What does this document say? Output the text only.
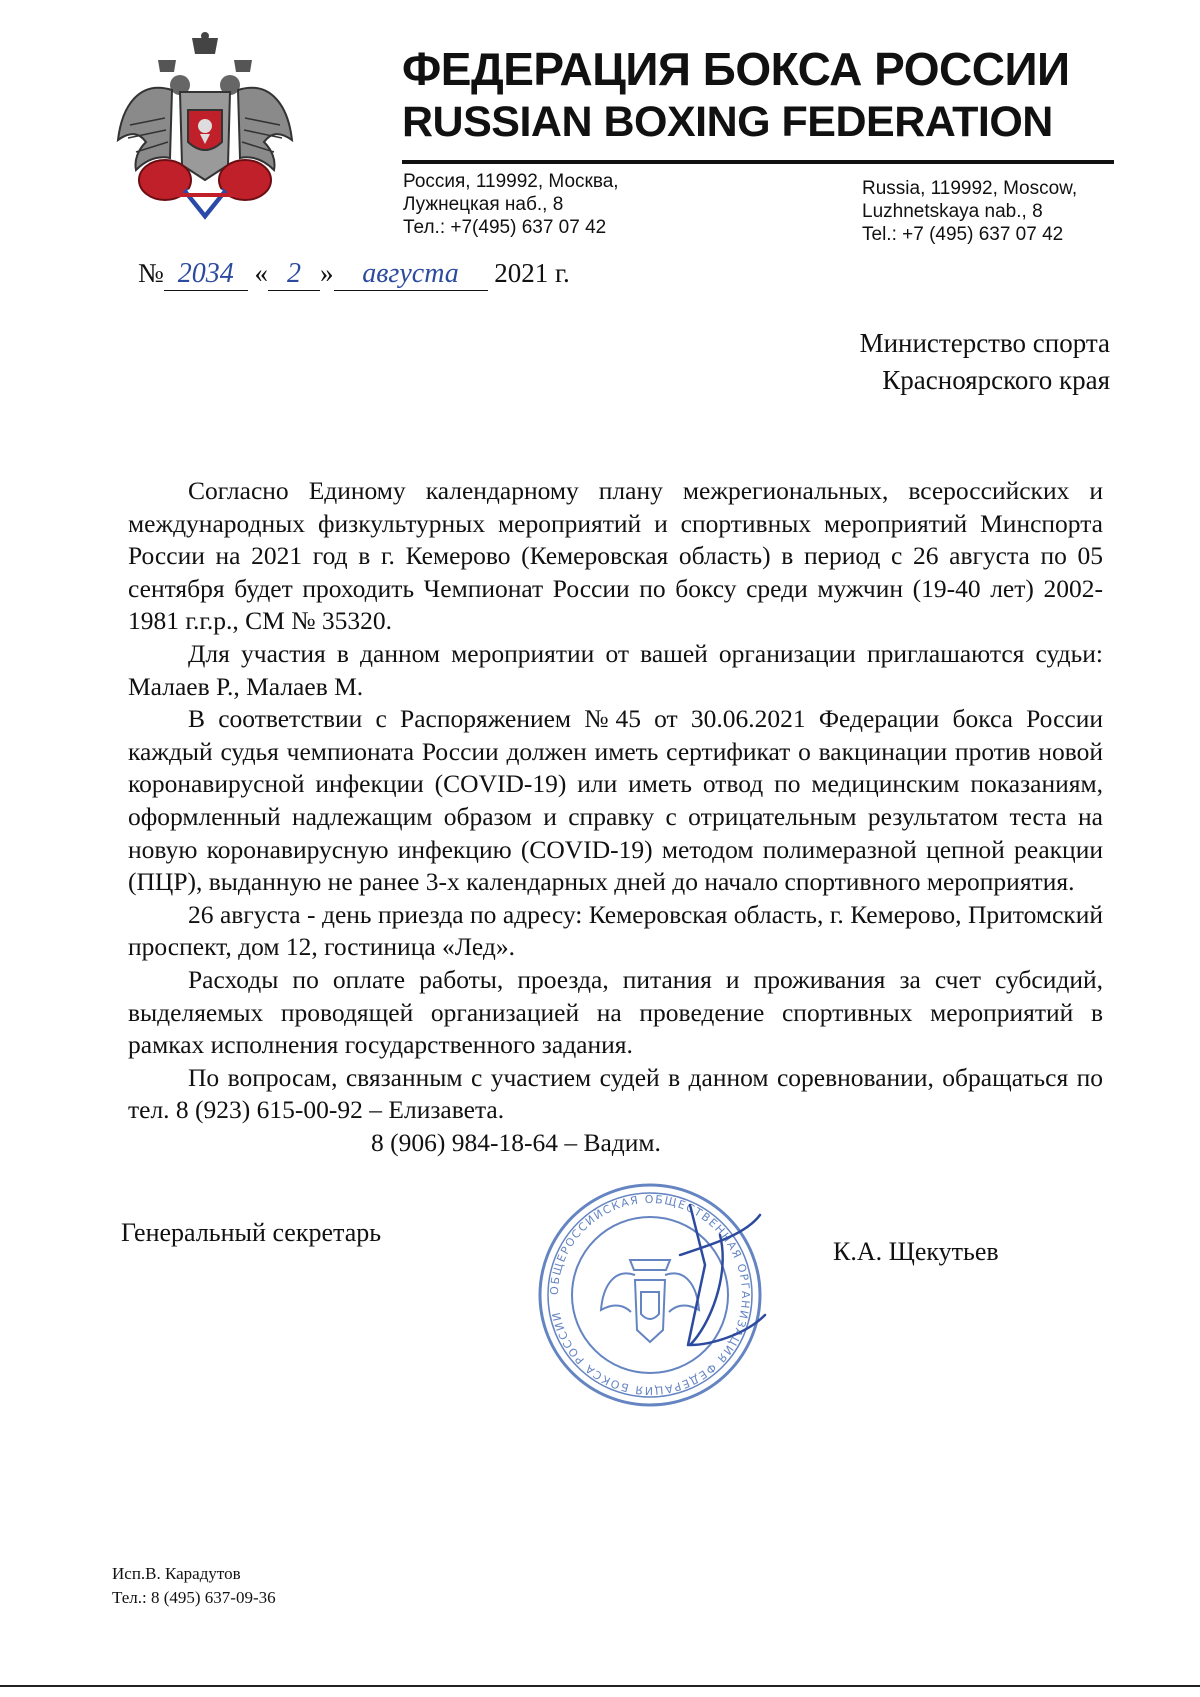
ФЕДЕРАЦИЯ БОКСА РОССИИ
RUSSIAN BOXING FEDERATION
Россия, 119992, Москва,
Лужнецкая наб., 8
Тел.: +7(495) 637 07 42
Russia, 119992, Moscow,
Luzhnetskaya nab., 8
Tel.: +7 (495) 637 07 42
№ 2034 « 2 » августа 2021 г.
Министерство спорта
Красноярского края

Согласно Единому календарному плану межрегиональных, всероссийских и международных физкультурных мероприятий и спортивных мероприятий Минспорта России на 2021 год в г. Кемерово (Кемеровская область) в период с 26 августа по 05 сентября будет проходить Чемпионат России по боксу среди мужчин (19-40 лет) 2002-1981 г.г.р., СМ № 35320.

Для участия в данном мероприятии от вашей организации приглашаются судьи: Малаев Р., Малаев М.

В соответствии с Распоряжением №45 от 30.06.2021 Федерации бокса России каждый судья чемпионата России должен иметь сертификат о вакцинации против новой коронавирусной инфекции (COVID-19) или иметь отвод по медицинским показаниям, оформленный надлежащим образом и справку с отрицательным результатом теста на новую коронавирусную инфекцию (COVID-19) методом полимеразной цепной реакции (ПЦР), выданную не ранее 3-х календарных дней до начало спортивного мероприятия.

26 августа - день приезда по адресу: Кемеровская область, г. Кемерово, Притомский проспект, дом 12, гостиница «Лед».

Расходы по оплате работы, проезда, питания и проживания за счет субсидий, выделяемых проводящей организацией на проведение спортивных мероприятий в рамках исполнения государственного задания.

По вопросам, связанным с участием судей в данном соревновании, обращаться по тел. 8 (923) 615-00-92 – Елизавета.

8 (906) 984-18-64 – Вадим.

Генеральный секретарь
ОБЩЕРОССИЙСКАЯ ОБЩЕСТВЕННАЯ ОРГАНИЗАЦИЯ ФЕДЕРАЦИЯ БОКСА РОССИИ
К.А. Щекутьев
Исп.В. Карадутов
Тел.: 8 (495) 637-09-36
